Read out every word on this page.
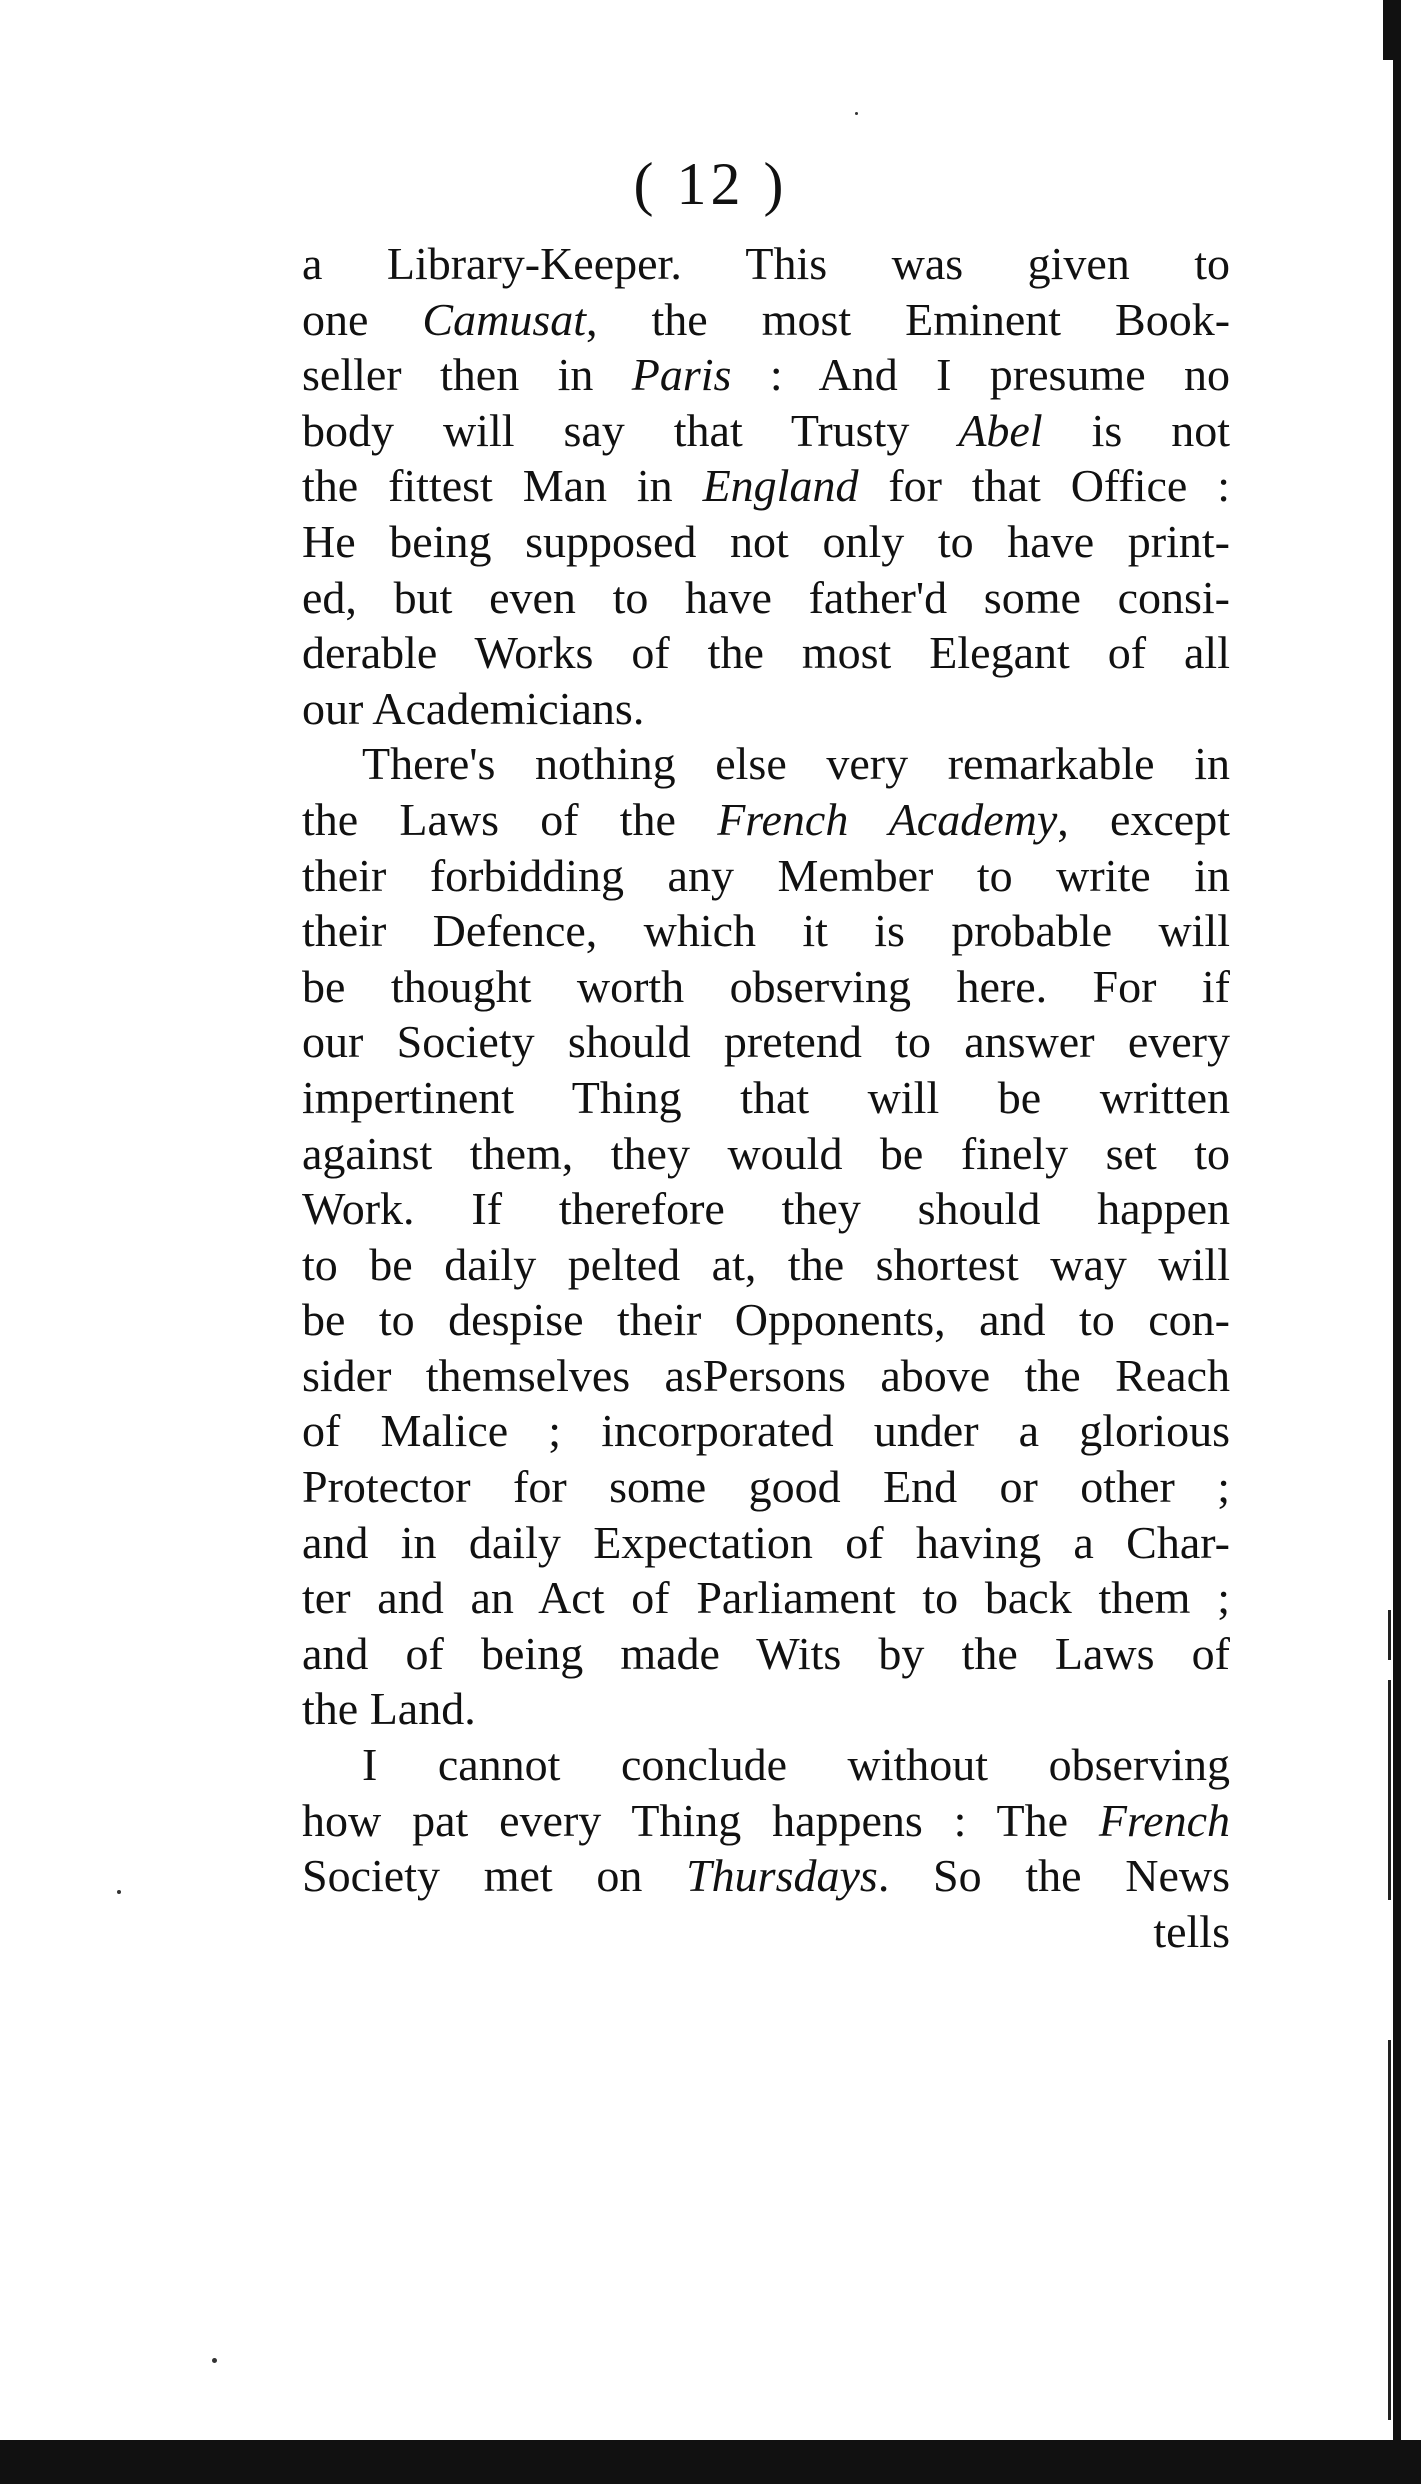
( 12 )
a Library-Keeper. This was given to
one Camusat, the most Eminent Book-
seller then in Paris : And I presume no
body will say that Trusty Abel is not
the fittest Man in England for that Office :
He being supposed not only to have print-
ed, but even to have father'd some consi-
derable Works of the most Elegant of all
our Academicians.
There's nothing else very remarkable in
the Laws of the French Academy, except
their forbidding any Member to write in
their Defence, which it is probable will
be thought worth observing here. For if
our Society should pretend to answer every
impertinent Thing that will be written
against them, they would be finely set to
Work. If therefore they should happen
to be daily pelted at, the shortest way will
be to despise their Opponents, and to con-
sider themselves asPersons above the Reach
of Malice ; incorporated under a glorious
Protector for some good End or other ;
and in daily Expectation of having a Char-
ter and an Act of Parliament to back them ;
and of being made Wits by the Laws of
the Land.
I cannot conclude without observing
how pat every Thing happens : The French
Society met on Thursdays. So the News
tells
